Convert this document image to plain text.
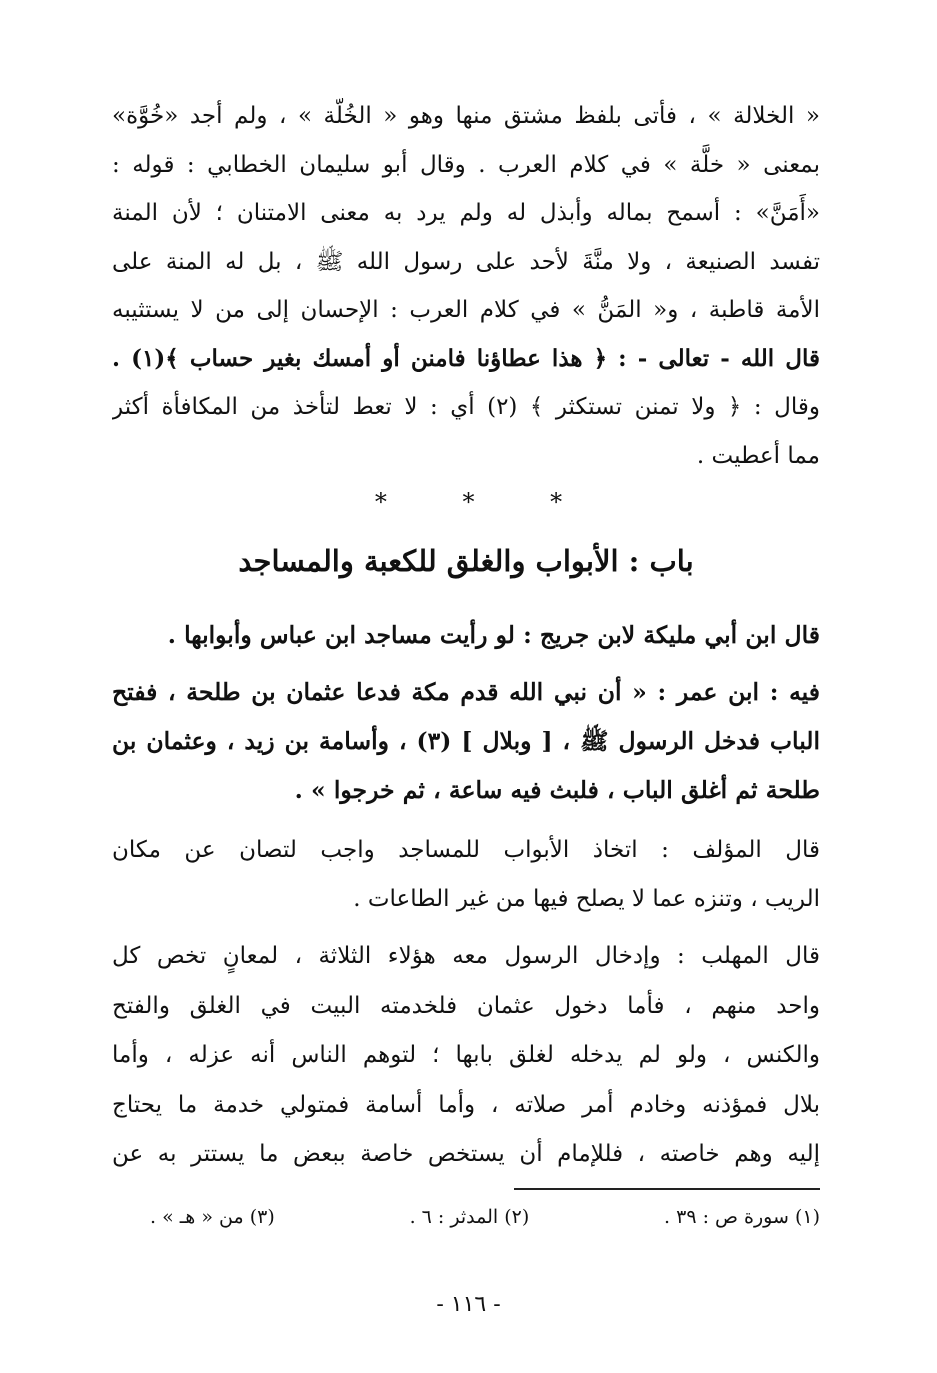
« الخلالة » ، فأتى بلفظ مشتق منها وهو « الخُلّة » ، ولم أجد «خُوَّة»
بمعنى « خلَّة » في كلام العرب . وقال أبو سليمان الخطابي : قوله :
«أَمَنَّ» : أسمح بماله وأبذل له ولم يرد به معنى الامتنان ؛ لأن المنة
تفسد الصنيعة ، ولا منَّةَ لأحد على رسول الله ﷺ ، بل له المنة على
الأمة قاطبة ، و« المَنُّ » في كلام العرب : الإحسان إلى من لا يستثيبه
قال الله - تعالى - : ﴿ هذا عطاؤنا فامنن أو أمسك بغير حساب ﴾(١) .
وقال : ﴿ ولا تمنن تستكثر ﴾ (٢) أي : لا تعط لتأخذ من المكافأة أكثر
مما أعطيت .
* * *
باب : الأبواب والغلق للكعبة والمساجد
قال ابن أبي مليكة لابن جريج : لو رأيت مساجد ابن عباس وأبوابها .
فيه : ابن عمر : « أن نبي الله قدم مكة فدعا عثمان بن طلحة ، ففتح
الباب فدخل الرسول ﷺ ، [ وبلال ] (٣) ، وأسامة بن زيد ، وعثمان بن
طلحة ثم أغلق الباب ، فلبث فيه ساعة ، ثم خرجوا » .
قال المؤلف : اتخاذ الأبواب للمساجد واجب لتصان عن مكان
الريب ، وتنزه عما لا يصلح فيها من غير الطاعات .
قال المهلب : وإدخال الرسول معه هؤلاء الثلاثة ، لمعانٍ تخص كل
واحد منهم ، فأما دخول عثمان فلخدمته البيت في الغلق والفتح
والكنس ، ولو لم يدخله لغلق بابها ؛ لتوهم الناس أنه عزله ، وأما
بلال فمؤذنه وخادم أمر صلاته ، وأما أسامة فمتولي خدمة ما يحتاج
إليه وهم خاصته ، فللإمام أن يستخص خاصة ببعض ما يستتر به عن
(١) سورة ص : ٣٩ .
(٢) المدثر : ٦ .
(٣) من « هـ » .
- ١١٦ -
